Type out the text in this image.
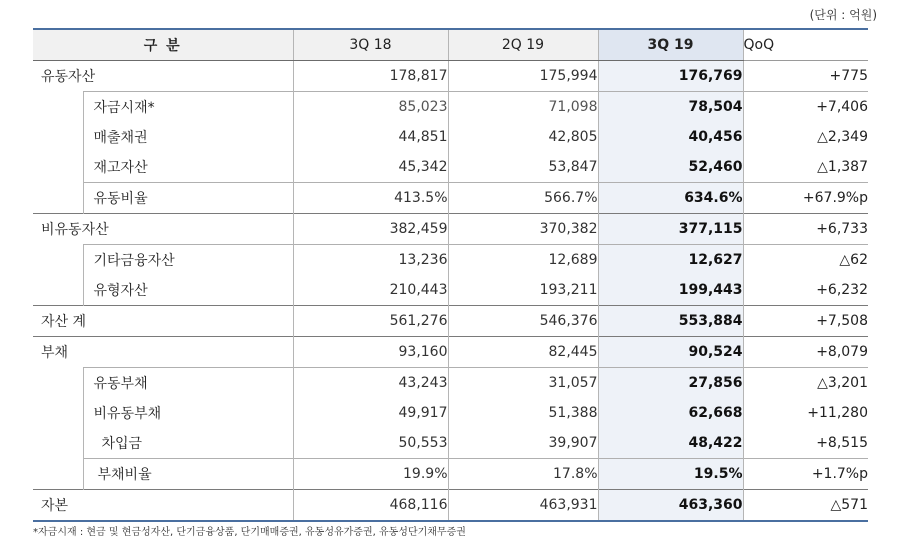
(단위 : 억원)
구 분		3Q 18	2Q 19	3Q 19	QoQ
유동자산		178,817	175,994	176,769	+775
	자금시재*	85,023	71,098	78,504	+7,406
	매출채권	44,851	42,805	40,456	△2,349
	재고자산	45,342	53,847	52,460	△1,387
	유동비율	413.5%	566.7%	634.6%	+67.9%p
비유동자산		382,459	370,382	377,115	+6,733
	기타금융자산	13,236	12,689	12,627	△62
	유형자산	210,443	193,211	199,443	+6,232
자산 계		561,276	546,376	553,884	+7,508
부채		93,160	82,445	90,524	+8,079
	유동부채	43,243	31,057	27,856	△3,201
	비유동부채	49,917	51,388	62,668	+11,280
	차입금	50,553	39,907	48,422	+8,515
	부채비율	19.9%	17.8%	19.5%	+1.7%p
자본		468,116	463,931	463,360	△571
*자금시재 : 현금 및 현금성자산, 단기금융상품, 단기매매증권, 유동성유가증권, 유동성단기채무증권
